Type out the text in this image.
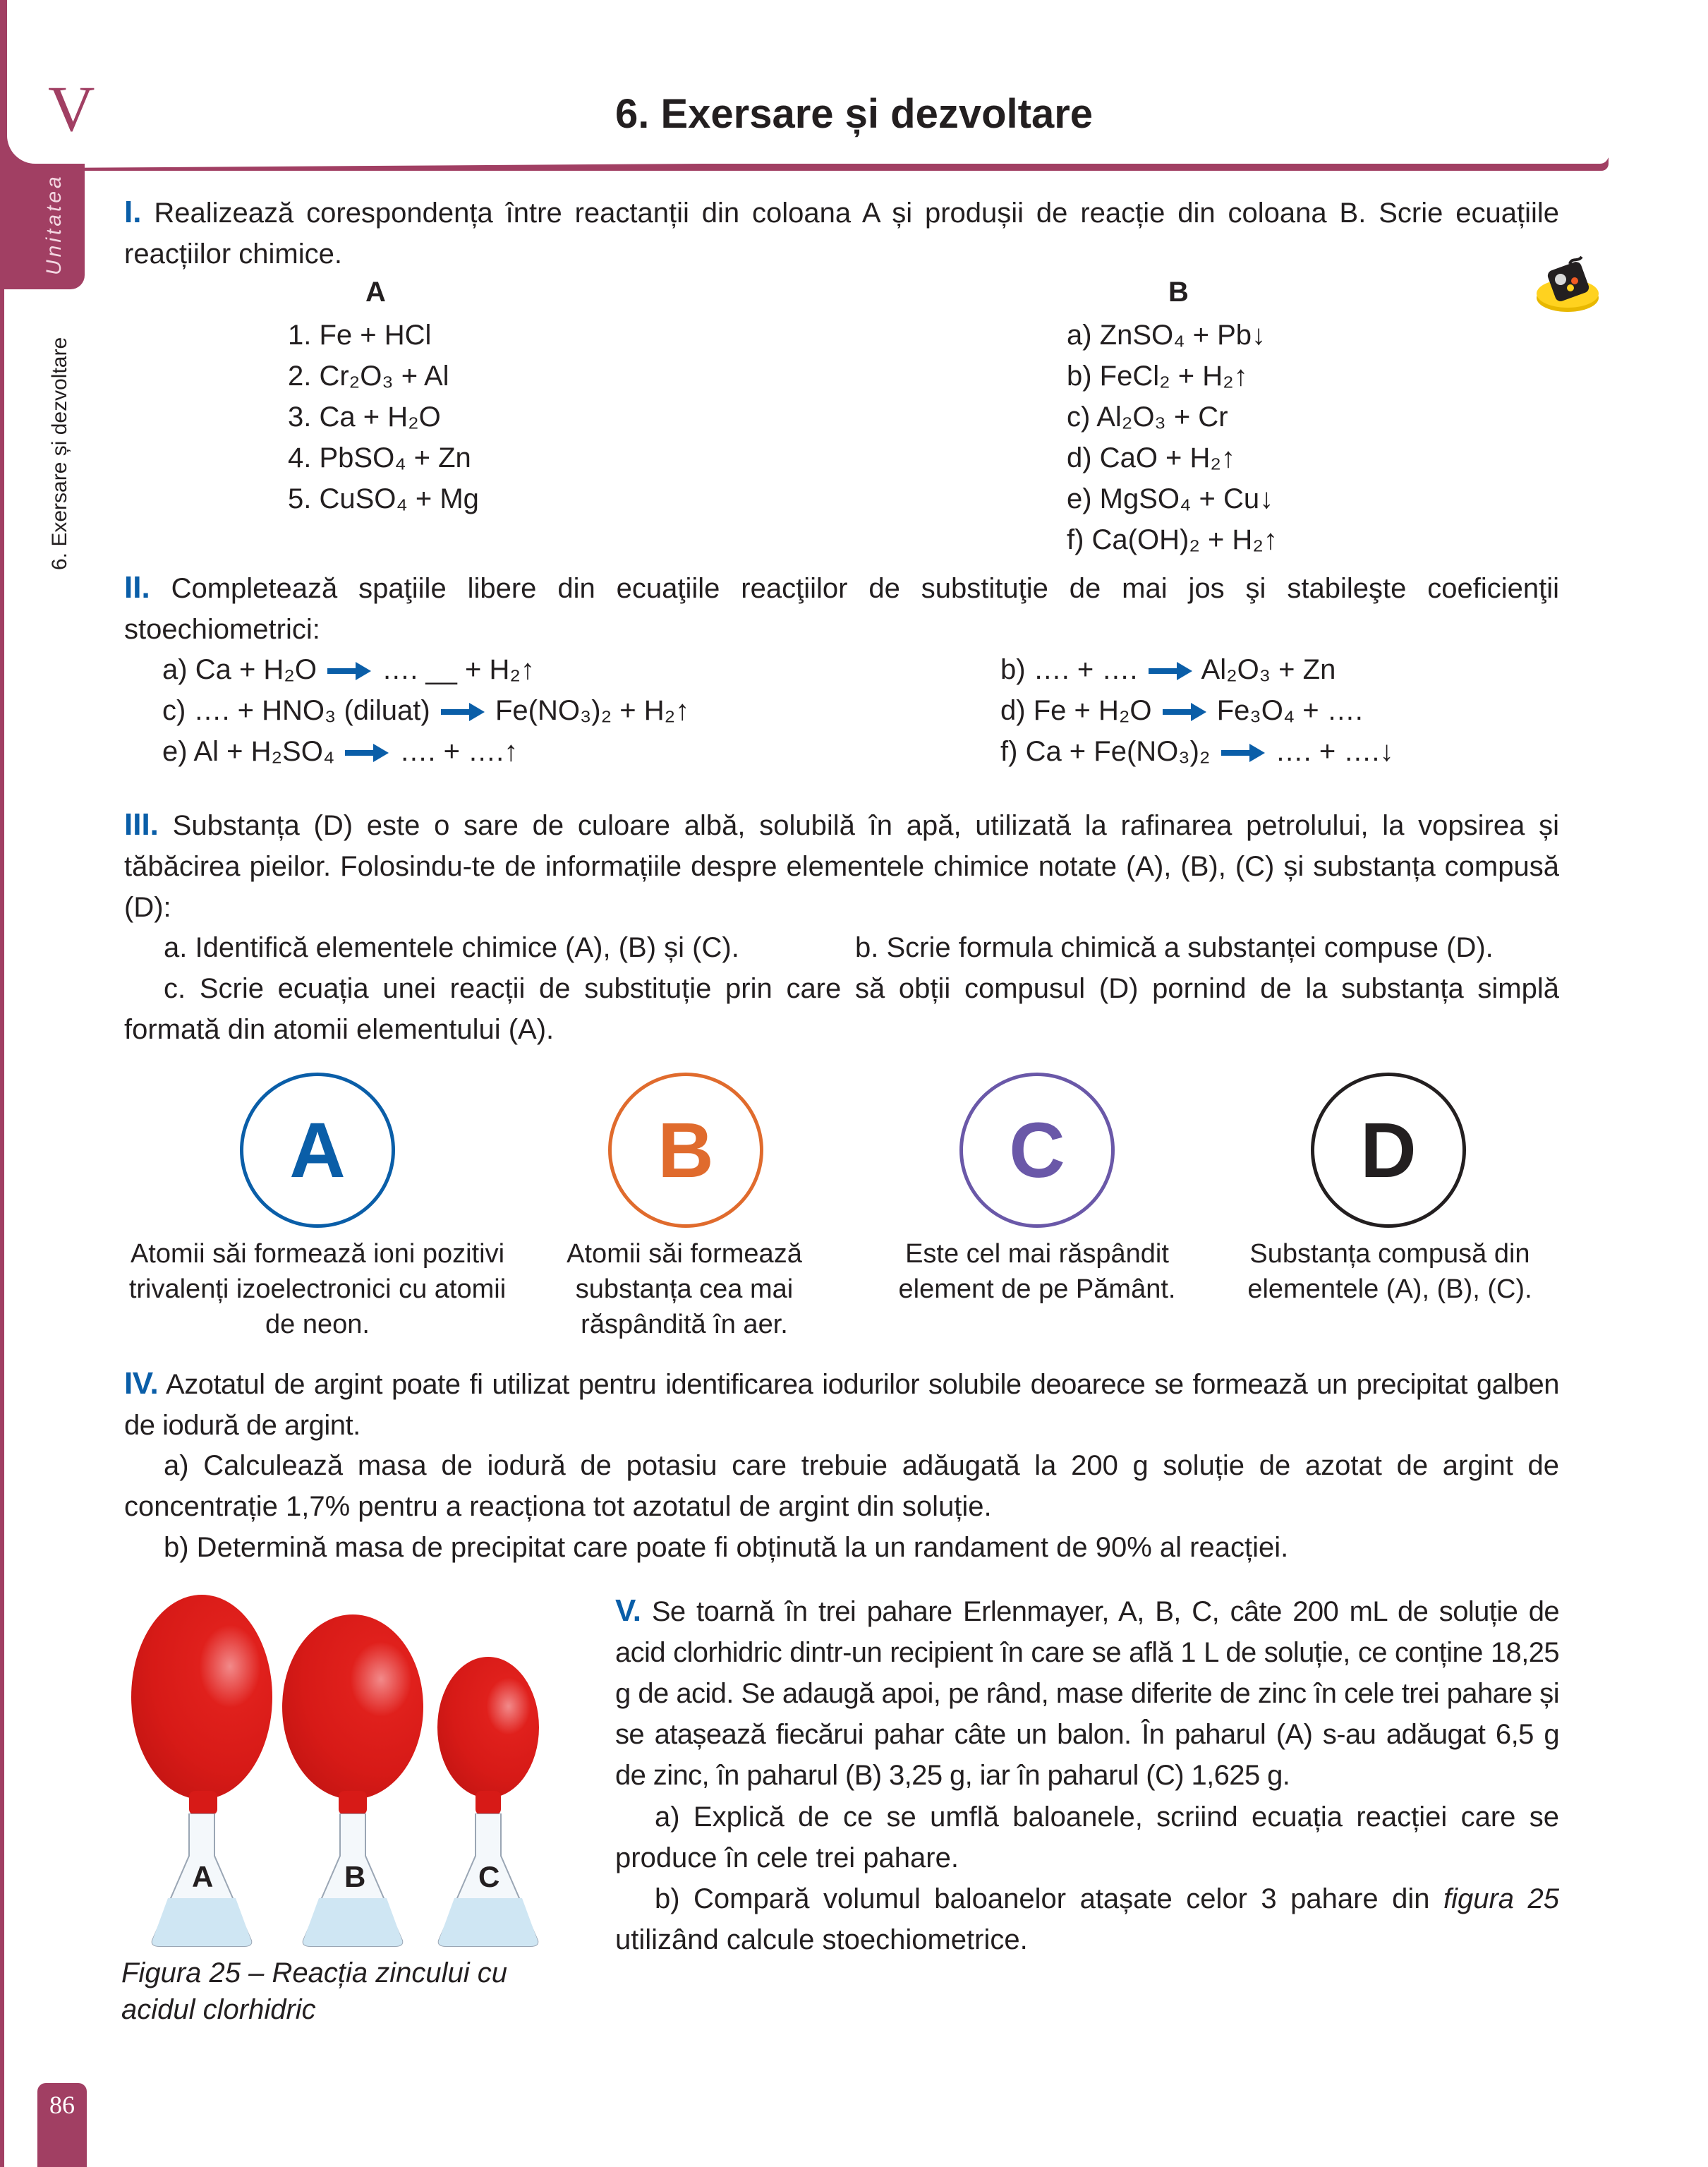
V	6. Exersare și dezvoltare
Unitatea
6. Exersare și dezvoltare
I. Realizează corespondența între reactanții din coloana A și produșii de reacție din coloana B. Scrie ecuațiile reacțiilor chimice.
A	B
1. Fe + HCl
2. Cr₂O₃ + Al
3. Ca + H₂O
4. PbSO₄ + Zn
5. CuSO₄ + Mg
a) ZnSO₄ + Pb↓
b) FeCl₂ + H₂↑
c) Al₂O₃ + Cr
d) CaO + H₂↑
e) MgSO₄ + Cu↓
f) Ca(OH)₂ + H₂↑
II. Completează spaţiile libere din ecuaţiile reacţiilor de substituţie de mai jos şi stabileşte coeficienţii stoechiometrici:
a) Ca + H₂O → …. __ + H₂↑
c) …. + HNO₃ (diluat) → Fe(NO₃)₂ + H₂↑
e) Al + H₂SO₄ → …. + ….↑
b) …. + …. → Al₂O₃ + Zn
d) Fe + H₂O → Fe₃O₄ + ….
f) Ca + Fe(NO₃)₂ → …. + ….↓
III. Substanța (D) este o sare de culoare albă, solubilă în apă, utilizată la rafinarea petrolului, la vopsirea și tăbăcirea pieilor. Folosindu-te de informațiile despre elementele chimice notate (A), (B), (C) și substanța compusă (D):
a. Identifică elementele chimice (A), (B) și (C).	b. Scrie formula chimică a substanței compuse (D).
c. Scrie ecuația unei reacții de substituție prin care să obții compusul (D) pornind de la substanța simplă formată din atomii elementului (A).
A	B	C	D
Atomii săi formează ioni pozitivi trivalenți izoelectronici cu atomii de neon.
Atomii săi formează substanța cea mai răspândită în aer.
Este cel mai răspândit element de pe Pământ.
Substanța compusă din elementele (A), (B), (C).
IV. Azotatul de argint poate fi utilizat pentru identificarea iodurilor solubile deoarece se formează un precipitat galben de iodură de argint.
a) Calculează masa de iodură de potasiu care trebuie adăugată la 200 g soluție de azotat de argint de concentrație 1,7% pentru a reacționa tot azotatul de argint din soluție.
b) Determină masa de precipitat care poate fi obținută la un randament de 90% al reacției.
A	B	C
Figura 25 – Reacția zincului cu acidul clorhidric
V. Se toarnă în trei pahare Erlenmayer, A, B, C, câte 200 mL de soluție de acid clorhidric dintr-un recipient în care se află 1 L de soluție, ce conține 18,25 g de acid. Se adaugă apoi, pe rând, mase diferite de zinc în cele trei pahare și se atașează fiecărui pahar câte un balon. În paharul (A) s-au adăugat 6,5 g de zinc, în paharul (B) 3,25 g, iar în paharul (C) 1,625 g.
a) Explică de ce se umflă baloanele, scriind ecuația reacției care se produce în cele trei pahare.
b) Compară volumul baloanelor atașate celor 3 pahare din figura 25 utilizând calcule stoechiometrice.
86
